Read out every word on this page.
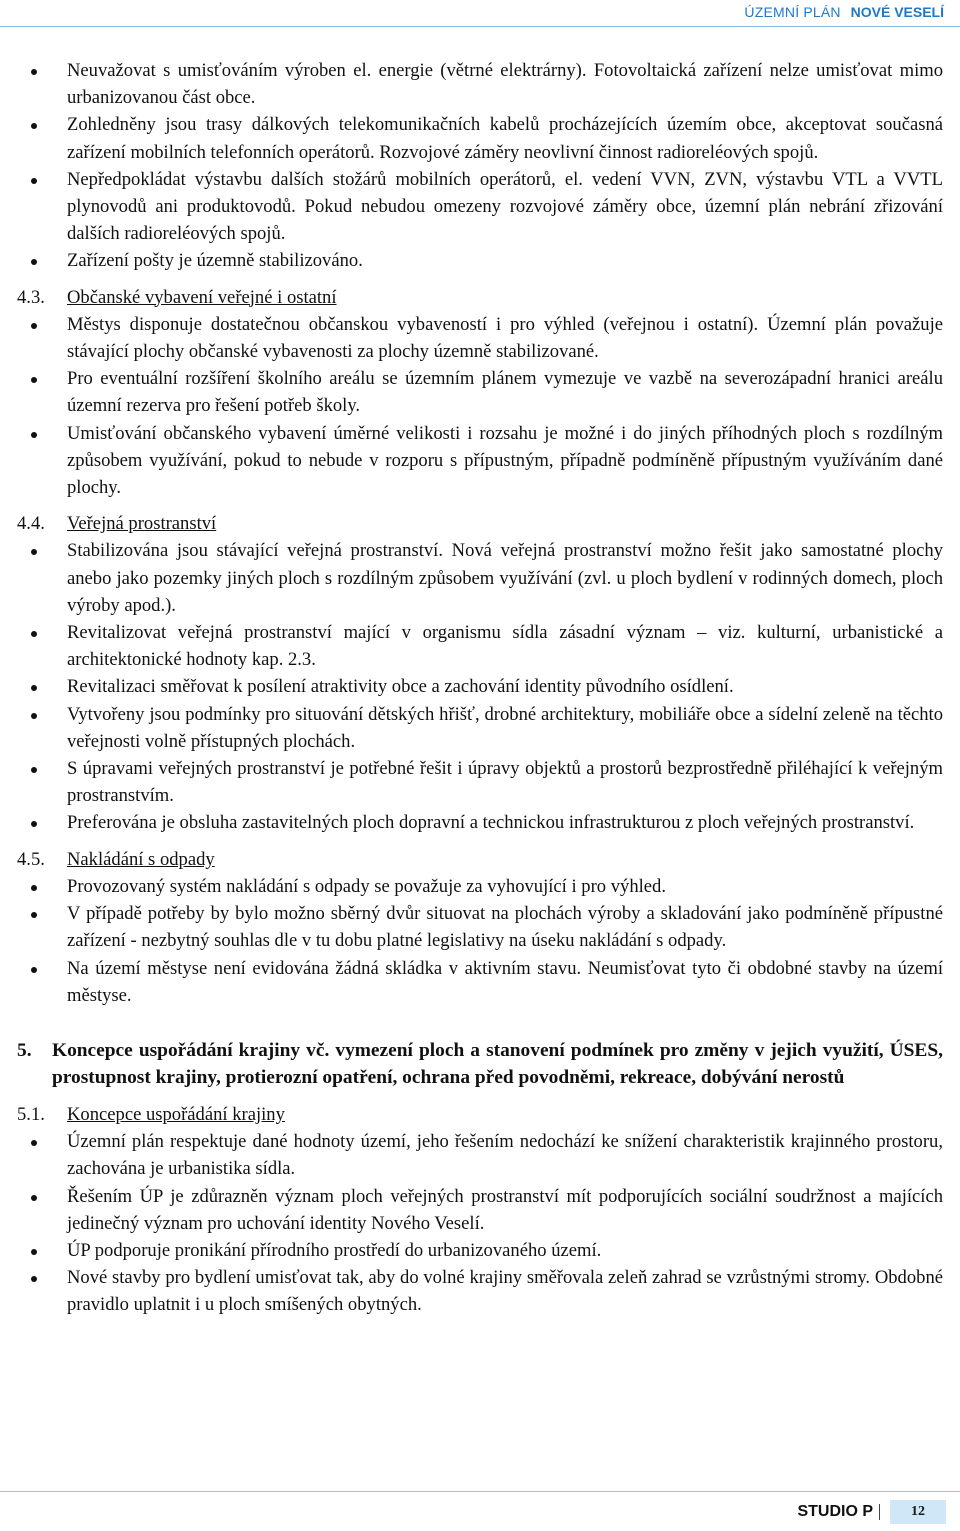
ÚZEMNÍ PLÁN NOVÉ VESELÍ
Neuvažovat s umisťováním výroben el. energie (větrné elektrárny). Fotovoltaická zařízení nelze umisťovat mimo urbanizovanou část obce.
Zohledněny jsou trasy dálkových telekomunikačních kabelů procházejících územím obce, akceptovat současná zařízení mobilních telefonních operátorů. Rozvojové záměry neovlivní činnost radioreléových spojů.
Nepředpokládat výstavbu dalších stožárů mobilních operátorů, el. vedení VVN, ZVN, výstavbu VTL a VVTL plynovodů ani produktovodů. Pokud nebudou omezeny rozvojové záměry obce, územní plán nebrání zřizování dalších radioreléových spojů.
Zařízení pošty je územně stabilizováno.
4.3. Občanské vybavení veřejné i ostatní
Městys disponuje dostatečnou občanskou vybaveností i pro výhled (veřejnou i ostatní). Územní plán považuje stávající plochy občanské vybavenosti za plochy územně stabilizované.
Pro eventuální rozšíření školního areálu se územním plánem vymezuje ve vazbě na severozápadní hranici areálu územní rezerva pro řešení potřeb školy.
Umisťování občanského vybavení úměrné velikosti i rozsahu je možné i do jiných příhodných ploch s rozdílným způsobem využívání, pokud to nebude v rozporu s přípustným, případně podmíněně přípustným využíváním dané plochy.
4.4. Veřejná prostranství
Stabilizována jsou stávající veřejná prostranství. Nová veřejná prostranství možno řešit jako samostatné plochy anebo jako pozemky jiných ploch s rozdílným způsobem využívání (zvl. u ploch bydlení v rodinných domech, ploch výroby apod.).
Revitalizovat veřejná prostranství mající v organismu sídla zásadní význam – viz. kulturní, urbanistické a architektonické hodnoty kap. 2.3.
Revitalizaci směřovat k posílení atraktivity obce a zachování identity původního osídlení.
Vytvořeny jsou podmínky pro situování dětských hřišť, drobné architektury, mobiliáře obce a sídelní zeleně na těchto veřejnosti volně přístupných plochách.
S úpravami veřejných prostranství je potřebné řešit i úpravy objektů a prostorů bezprostředně přiléhající k veřejným prostranstvím.
Preferována je obsluha zastavitelných ploch dopravní a technickou infrastrukturou z ploch veřejných prostranství.
4.5. Nakládání s odpady
Provozovaný systém nakládání s odpady se považuje za vyhovující i pro výhled.
V případě potřeby by bylo možno sběrný dvůr situovat na plochách výroby a skladování jako podmíněně přípustné zařízení - nezbytný souhlas dle v tu dobu platné legislativy na úseku nakládání s odpady.
Na území městyse není evidována žádná skládka v aktivním stavu. Neumisťovat tyto či obdobné stavby na území městyse.
5. Koncepce uspořádání krajiny vč. vymezení ploch a stanovení podmínek pro změny v jejich využití, ÚSES, prostupnost krajiny, protierozní opatření, ochrana před povodněmi, rekreace, dobývání nerostů
5.1. Koncepce uspořádání krajiny
Územní plán respektuje dané hodnoty území, jeho řešením nedochází ke snížení charakteristik krajinného prostoru, zachována je urbanistika sídla.
Řešením ÚP je zdůrazněn význam ploch veřejných prostranství mít podporujících sociální soudržnost a majících jedinečný význam pro uchování identity Nového Veselí.
ÚP podporuje pronikání přírodního prostředí do urbanizovaného území.
Nové stavby pro bydlení umisťovat tak, aby do volné krajiny směřovala zeleň zahrad se vzrůstnými stromy. Obdobné pravidlo uplatnit i u ploch smíšených obytných.
STUDIO P	12
